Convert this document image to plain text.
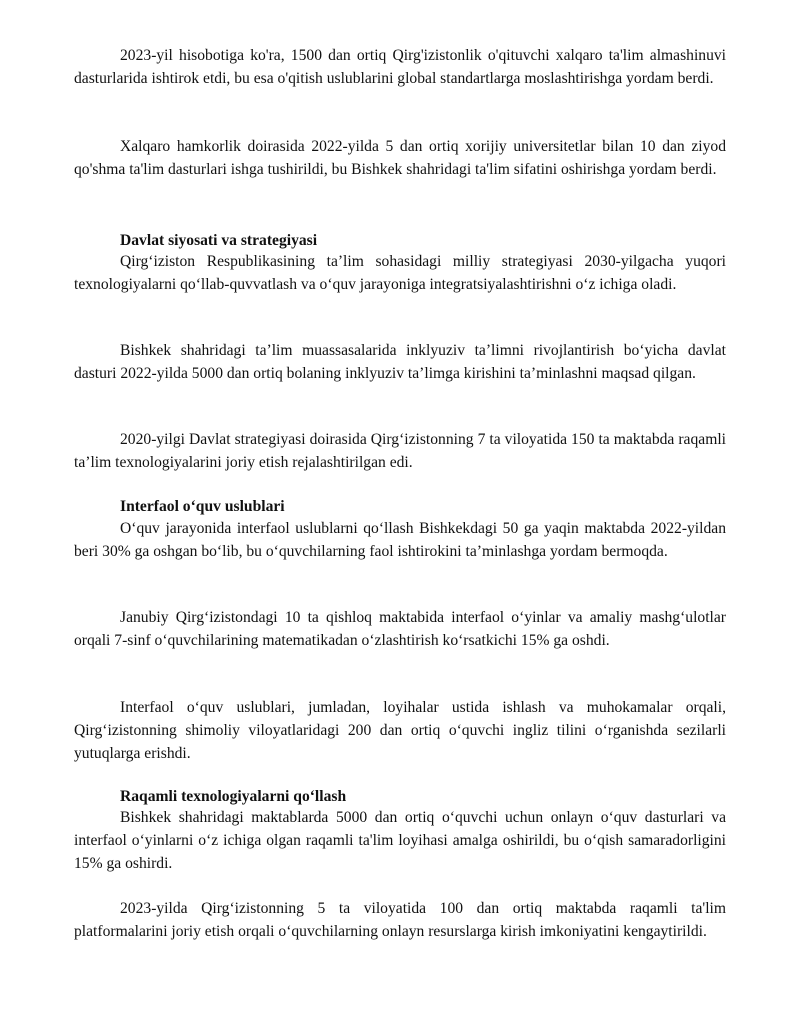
2023-yil hisobotiga ko'ra, 1500 dan ortiq Qirg'izistonlik o'qituvchi xalqaro ta'lim almashinuvi dasturlarida ishtirok etdi, bu esa o'qitish uslublarini global standartlarga moslashtirishga yordam berdi.

Xalqaro hamkorlik doirasida 2022-yilda 5 dan ortiq xorijiy universitetlar bilan 10 dan ziyod qo'shma ta'lim dasturlari ishga tushirildi, bu Bishkek shahridagi ta'lim sifatini oshirishga yordam berdi.

Davlat siyosati va strategiyasi

Qirg‘iziston Respublikasining ta’lim sohasidagi milliy strategiyasi 2030-yilgacha yuqori texnologiyalarni qo‘llab-quvvatlash va o‘quv jarayoniga integratsiyalashtirishni o‘z ichiga oladi.

Bishkek shahridagi ta’lim muassasalarida inklyuziv ta’limni rivojlantirish bo‘yicha davlat dasturi 2022-yilda 5000 dan ortiq bolaning inklyuziv ta’limga kirishini ta’minlashni maqsad qilgan.

2020-yilgi Davlat strategiyasi doirasida Qirg‘izistonning 7 ta viloyatida 150 ta maktabda raqamli ta’lim texnologiyalarini joriy etish rejalashtirilgan edi.

Interfaol o‘quv uslublari

O‘quv jarayonida interfaol uslublarni qo‘llash Bishkekdagi 50 ga yaqin maktabda 2022-yildan beri 30% ga oshgan bo‘lib, bu o‘quvchilarning faol ishtirokini ta’minlashga yordam bermoqda.

Janubiy Qirg‘izistondagi 10 ta qishloq maktabida interfaol o‘yinlar va amaliy mashg‘ulotlar orqali 7-sinf o‘quvchilarining matematikadan o‘zlashtirish ko‘rsatkichi 15% ga oshdi.

Interfaol o‘quv uslublari, jumladan, loyihalar ustida ishlash va muhokamalar orqali, Qirg‘izistonning shimoliy viloyatlaridagi 200 dan ortiq o‘quvchi ingliz tilini o‘rganishda sezilarli yutuqlarga erishdi.

Raqamli texnologiyalarni qo‘llash

Bishkek shahridagi maktablarda 5000 dan ortiq o‘quvchi uchun onlayn o‘quv dasturlari va interfaol o‘yinlarni o‘z ichiga olgan raqamli ta'lim loyihasi amalga oshirildi, bu o‘qish samaradorligini 15% ga oshirdi.

2023-yilda Qirg‘izistonning 5 ta viloyatida 100 dan ortiq maktabda raqamli ta'lim platformalarini joriy etish orqali o‘quvchilarning onlayn resurslarga kirish imkoniyatini kengaytirildi.
